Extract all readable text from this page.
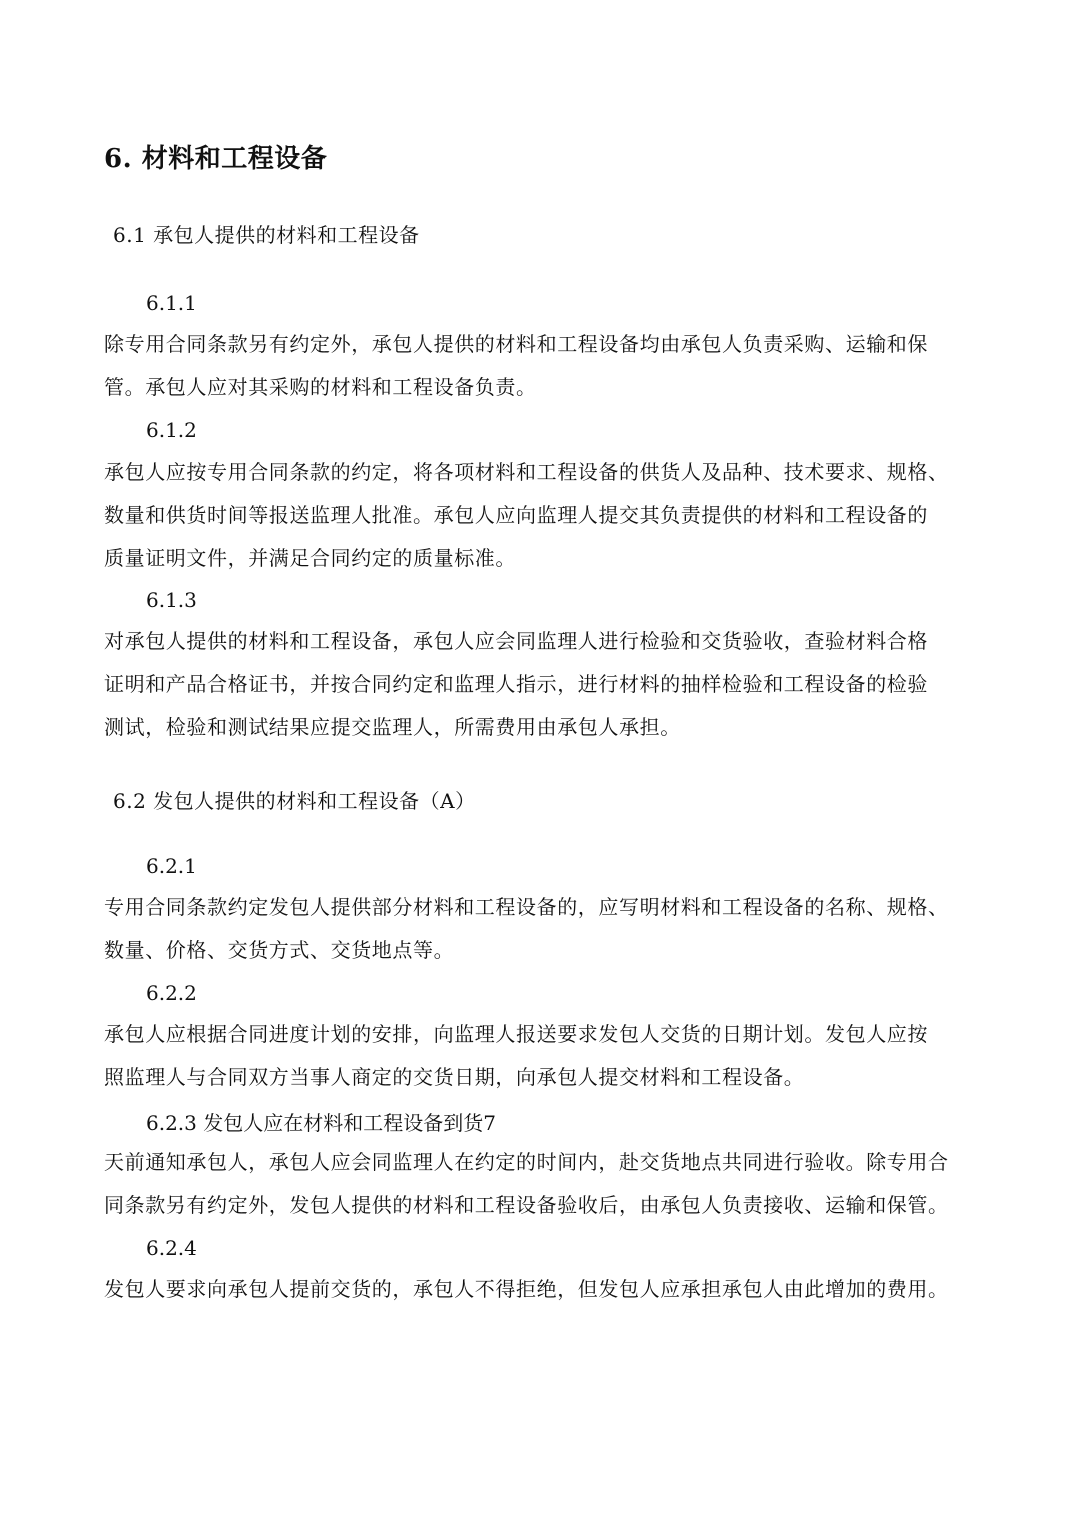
6. 材料和工程设备
6.1 承包人提供的材料和工程设备
6.1.1
除专用合同条款另有约定外，承包人提供的材料和工程设备均由承包人负责采购、运输和保
管。承包人应对其采购的材料和工程设备负责。
6.1.2
承包人应按专用合同条款的约定，将各项材料和工程设备的供货人及品种、技术要求、规格、
数量和供货时间等报送监理人批准。承包人应向监理人提交其负责提供的材料和工程设备的
质量证明文件，并满足合同约定的质量标准。
6.1.3
对承包人提供的材料和工程设备，承包人应会同监理人进行检验和交货验收，查验材料合格
证明和产品合格证书，并按合同约定和监理人指示，进行材料的抽样检验和工程设备的检验
测试，检验和测试结果应提交监理人，所需费用由承包人承担。
6.2 发包人提供的材料和工程设备（A）
6.2.1
专用合同条款约定发包人提供部分材料和工程设备的，应写明材料和工程设备的名称、规格、
数量、价格、交货方式、交货地点等。
6.2.2
承包人应根据合同进度计划的安排，向监理人报送要求发包人交货的日期计划。发包人应按
照监理人与合同双方当事人商定的交货日期，向承包人提交材料和工程设备。
6.2.3 发包人应在材料和工程设备到货7
天前通知承包人，承包人应会同监理人在约定的时间内，赴交货地点共同进行验收。除专用合
同条款另有约定外，发包人提供的材料和工程设备验收后，由承包人负责接收、运输和保管。
6.2.4
发包人要求向承包人提前交货的，承包人不得拒绝，但发包人应承担承包人由此增加的费用。
